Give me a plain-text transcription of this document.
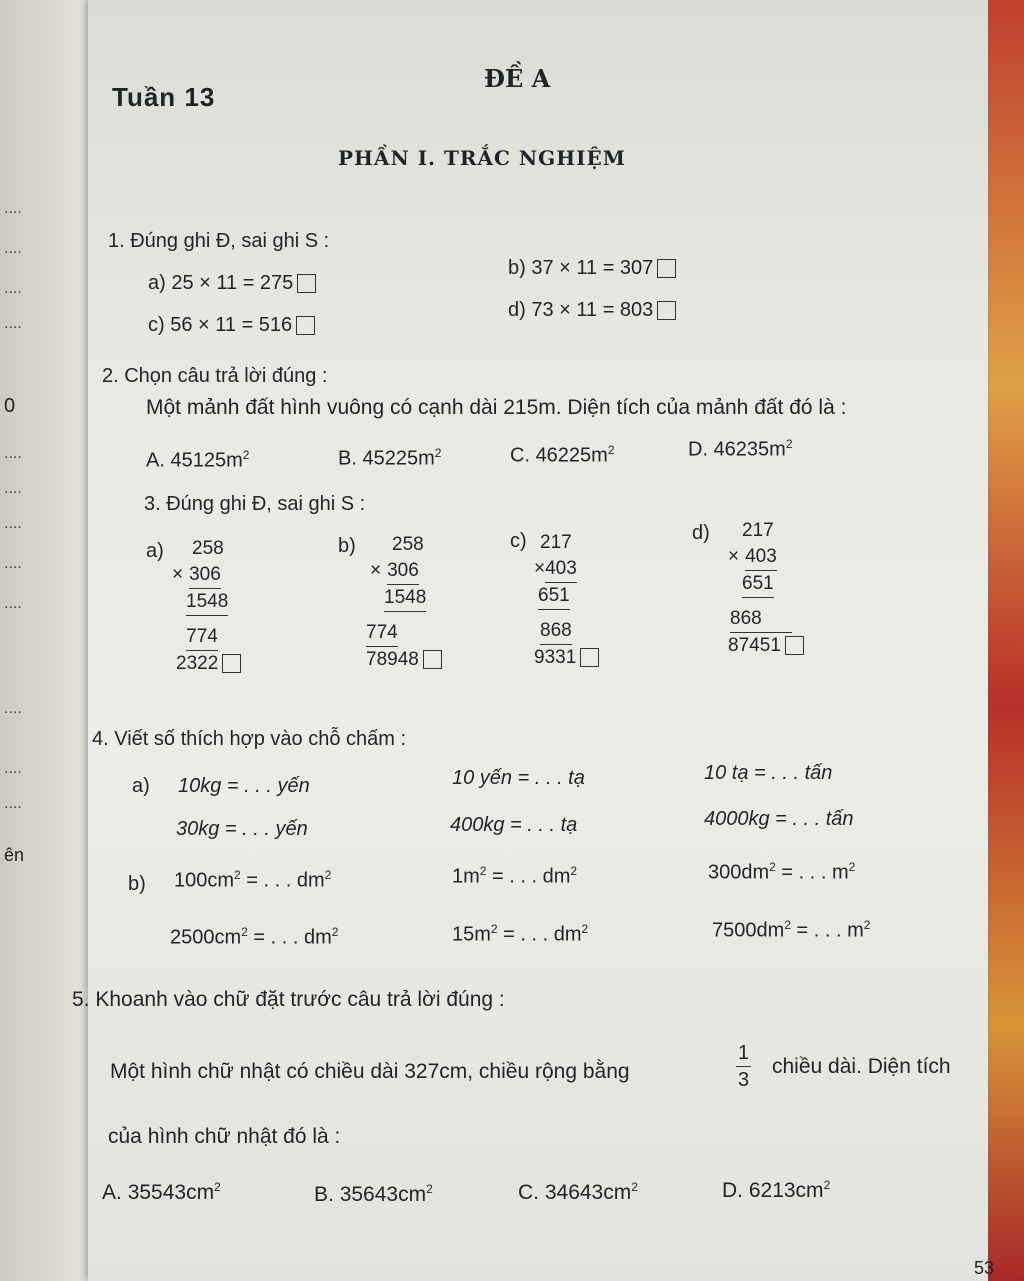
....
....
....
....
0
....
....
....
....
....
....
....
....
ên
Tuần 13
ĐỀ A
PHẦN I. TRẮC NGHIỆM
1. Đúng ghi Đ, sai ghi S :
a) 25 × 11 = 275
b) 37 × 11 = 307
c) 56 × 11 = 516
d) 73 × 11 = 803
2. Chọn câu trả lời đúng :
Một mảnh đất hình vuông có cạnh dài 215m. Diện tích của mảnh đất đó là :
A. $45125m^2$	B. $45225m^2$	C. $46225m^2$	D. $46235m^2$
3. Đúng ghi Đ, sai ghi S :
a)	258
× 306
1548
774
2322
b)	258
× 306
1548
774
78948
c) 217
×403
651
868
9331
d)	217
× 403
651
868
87451
4. Viết số thích hợp vào chỗ chấm :
a) 10kg = . . . yến	10 yến = . . . tạ	10 tạ = . . . tấn
30kg = . . . yến	400kg = . . . tạ	4000kg = . . . tấn
b) $100cm^2$ = . . . $dm^2$	$1m^2$ = . . . $dm^2$	$300dm^2$ = . . . $m^2$
$2500cm^2$ = . . . $dm^2$	$15m^2$ = . . . $dm^2$	$7500dm^2$ = . . . $m^2$
5. Khoanh vào chữ đặt trước câu trả lời đúng :
Một hình chữ nhật có chiều dài 327cm, chiều rộng bằng	$\frac{1}{3}$ chiều dài. Diện tích
của hình chữ nhật đó là :
A. $35543cm^2$	B. $35643cm^2$	C. $34643cm^2$	D. $6213cm^2$
53
